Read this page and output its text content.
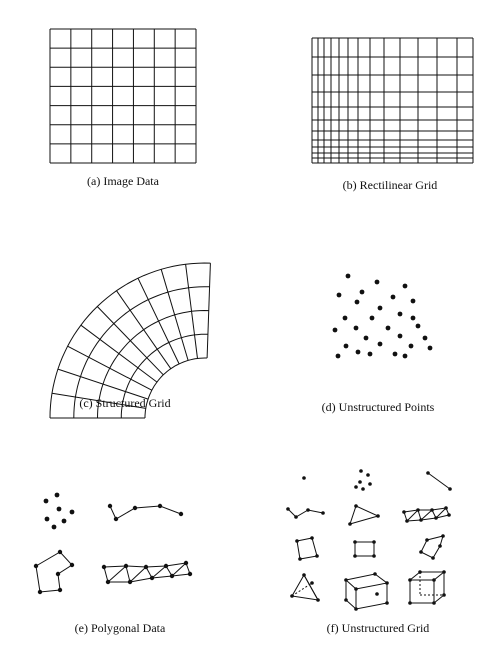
(a) Image Data	(b) Rectilinear Grid
(c) Structured Grid	(d) Unstructured Points
(e) Polygonal Data	(f) Unstructured Grid
